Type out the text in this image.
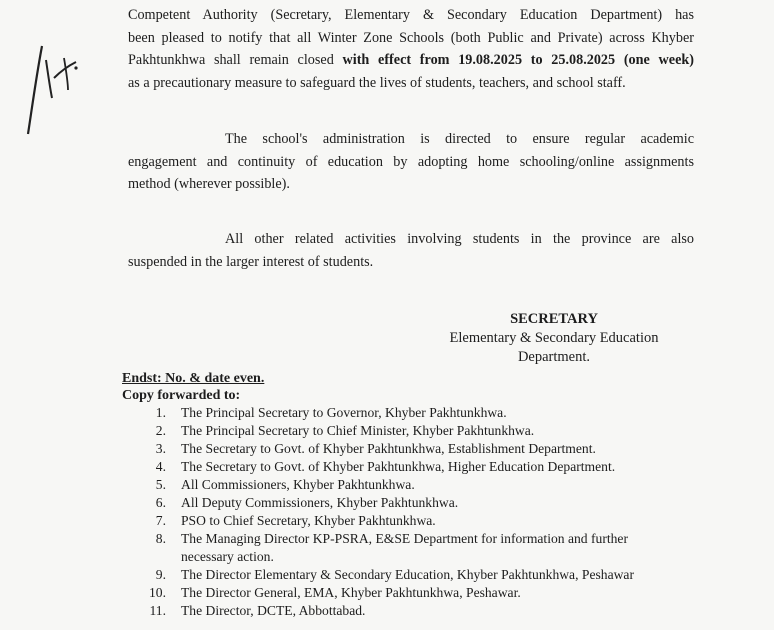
Competent Authority (Secretary, Elementary & Secondary Education Department) has
been pleased to notify that all Winter Zone Schools (both Public and Private) across Khyber
Pakhtunkhwa shall remain closed with effect from 19.08.2025 to 25.08.2025 (one week)
as a precautionary measure to safeguard the lives of students, teachers, and school staff.
The school's administration is directed to ensure regular academic
engagement and continuity of education by adopting home schooling/online assignments
method (wherever possible).
All other related activities involving students in the province are also
suspended in the larger interest of students.
SECRETARY
Elementary & Secondary Education
Department.
Endst: No. & date even.
Copy forwarded to:
1. The Principal Secretary to Governor, Khyber Pakhtunkhwa.
2. The Principal Secretary to Chief Minister, Khyber Pakhtunkhwa.
3. The Secretary to Govt. of Khyber Pakhtunkhwa, Establishment Department.
4. The Secretary to Govt. of Khyber Pakhtunkhwa, Higher Education Department.
5. All Commissioners, Khyber Pakhtunkhwa.
6. All Deputy Commissioners, Khyber Pakhtunkhwa.
7. PSO to Chief Secretary, Khyber Pakhtunkhwa.
8. The Managing Director KP-PSRA, E&SE Department for information and further
necessary action.
9. The Director Elementary & Secondary Education, Khyber Pakhtunkhwa, Peshawar
10. The Director General, EMA, Khyber Pakhtunkhwa, Peshawar.
11. The Director, DCTE, Abbottabad.
